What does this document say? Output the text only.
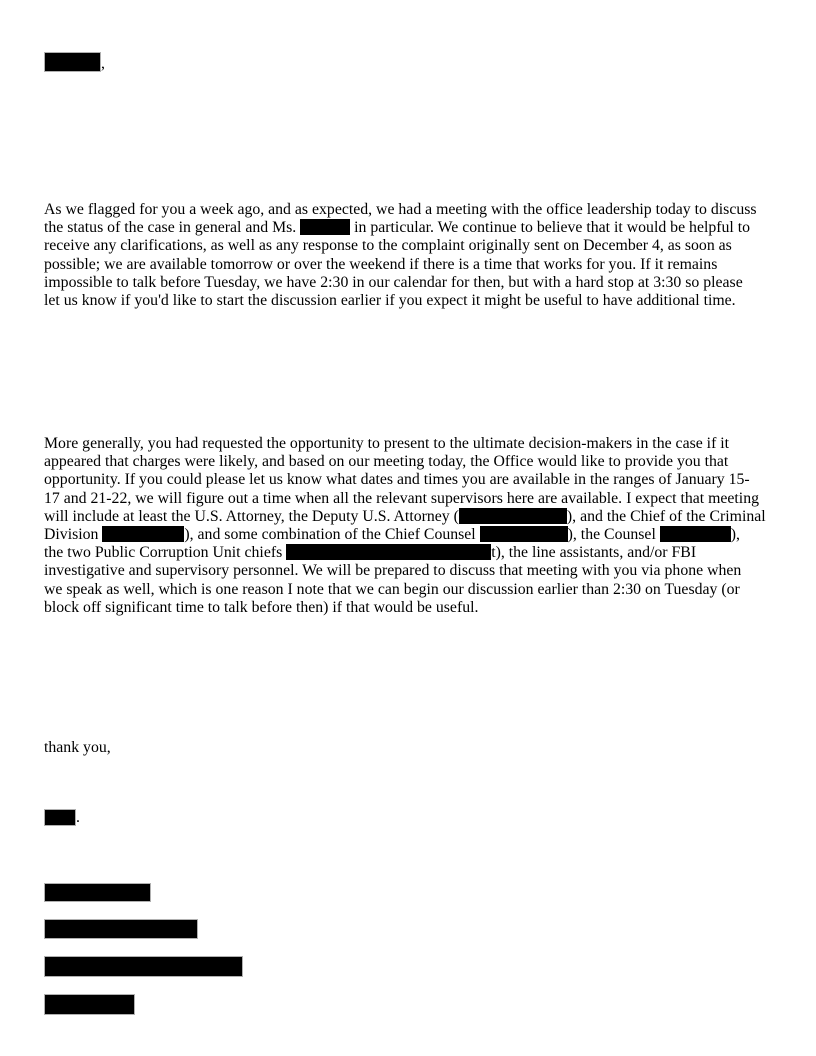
,
As we flagged for you a week ago, and as expected, we had a meeting with the office leadership today to discuss
the status of the case in general and Ms.	in particular. We continue to believe that it would be helpful to
receive any clarifications, as well as any response to the complaint originally sent on December 4, as soon as
possible; we are available tomorrow or over the weekend if there is a time that works for you. If it remains
impossible to talk before Tuesday, we have 2:30 in our calendar for then, but with a hard stop at 3:30 so please
let us know if you'd like to start the discussion earlier if you expect it might be useful to have additional time.
More generally, you had requested the opportunity to present to the ultimate decision-makers in the case if it
appeared that charges were likely, and based on our meeting today, the Office would like to provide you that
opportunity. If you could please let us know what dates and times you are available in the ranges of January 15-
17 and 21-22, we will figure out a time when all the relevant supervisors here are available. I expect that meeting
will include at least the U.S. Attorney, the Deputy U.S. Attorney (	), and the Chief of the Criminal
Division	), and some combination of the Chief Counsel	), the Counsel	),
the two Public Corruption Unit chiefs	t), the line assistants, and/or FBI
investigative and supervisory personnel. We will be prepared to discuss that meeting with you via phone when
we speak as well, which is one reason I note that we can begin our discussion earlier than 2:30 on Tuesday (or
block off significant time to talk before then) if that would be useful.
thank you,
.
